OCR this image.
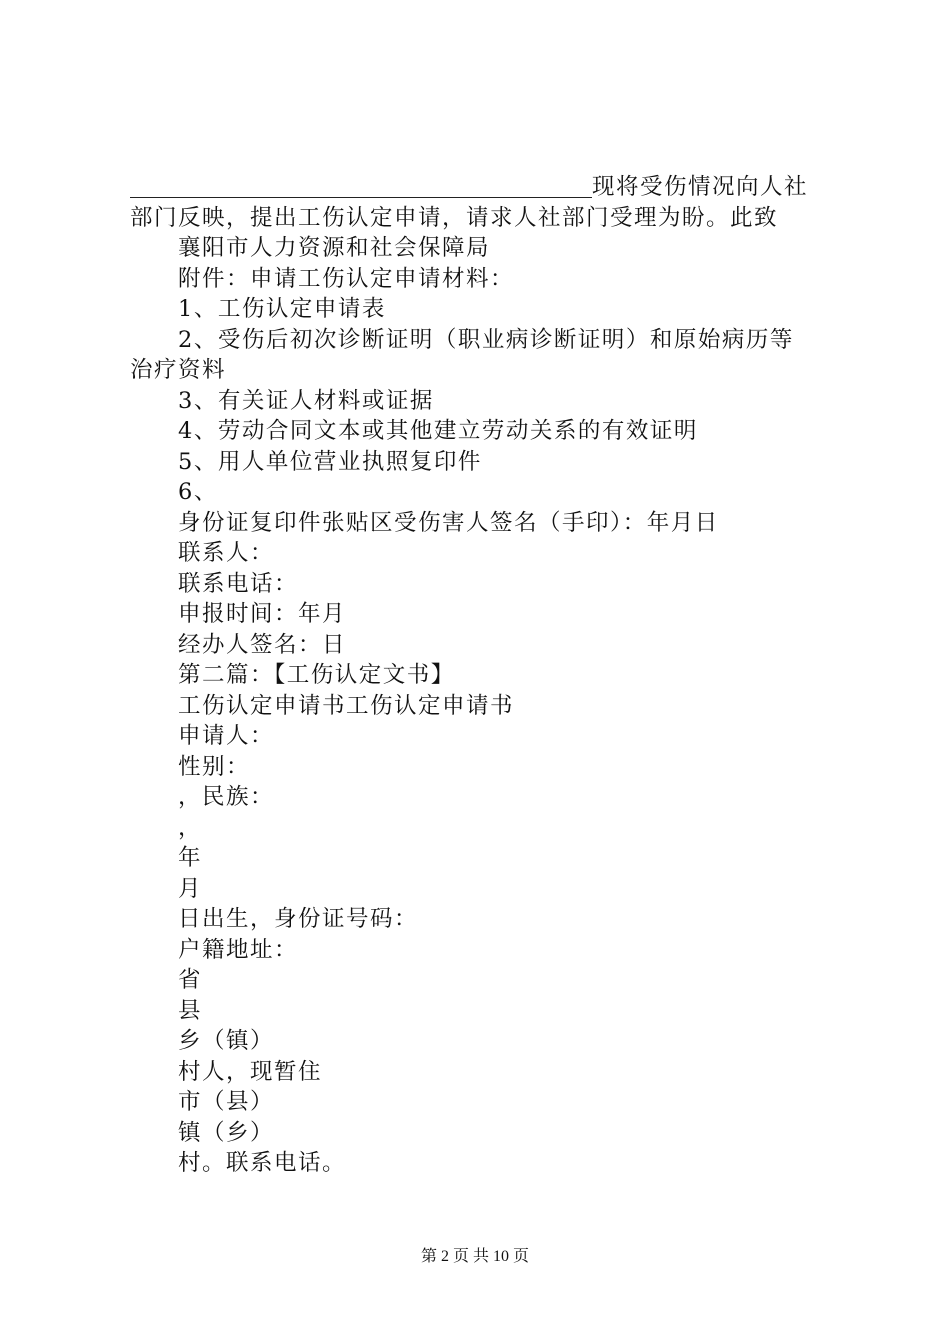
现将受伤情况向人社
部门反映，提出工伤认定申请，请求人社部门受理为盼。此致
襄阳市人力资源和社会保障局
附件：申请工伤认定申请材料：
1、工伤认定申请表
2、受伤后初次诊断证明（职业病诊断证明）和原始病历等
治疗资料
3、有关证人材料或证据
4、劳动合同文本或其他建立劳动关系的有效证明
5、用人单位营业执照复印件
6、
身份证复印件张贴区受伤害人签名（手印）：年月日
联系人：
联系电话：
申报时间：年月
经办人签名：日
第二篇：【工伤认定文书】
工伤认定申请书工伤认定申请书
申请人：
性别：
，民族：
，
年
月
日出生，身份证号码：
户籍地址：
省
县
乡（镇）
村人，现暂住
市（县）
镇（乡）
村。联系电话。
第 2 页 共 10 页
